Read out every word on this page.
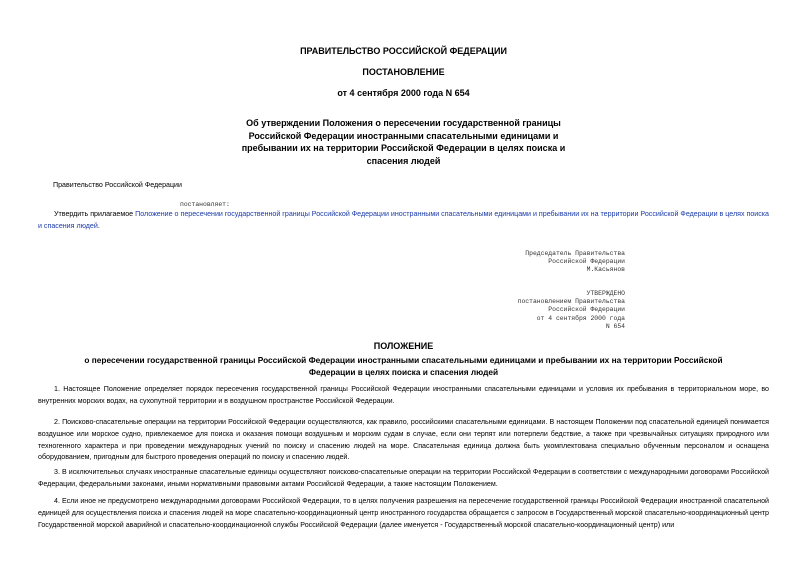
ПРАВИТЕЛЬСТВО РОССИЙСКОЙ ФЕДЕРАЦИИ
ПОСТАНОВЛЕНИЕ
от 4 сентября 2000 года N 654
Об утверждении Положения о пересечении государственной границы
Российской Федерации иностранными спасательными единицами и
пребывании их на территории Российской Федерации в целях поиска и
спасения людей
Правительство Российской Федерации
постановляет:
Утвердить прилагаемое Положение о пересечении государственной границы Российской Федерации иностранными спасательными единицами и пребывании их на территории Российской Федерации в целях поиска и спасения людей.
Председатель Правительства
Российской Федерации
М.Касьянов
УТВЕРЖДЕНО
постановлением Правительства
Российской Федерации
от 4 сентября 2000 года
N 654
ПОЛОЖЕНИЕ
о пересечении государственной границы Российской Федерации иностранными спасательными единицами и пребывании их на территории Российской
Федерации в целях поиска и спасения людей
1. Настоящее Положение определяет порядок пересечения государственной границы Российской Федерации иностранными спасательными единицами и условия их пребывания в территориальном море, во внутренних морских водах, на сухопутной территории и в воздушном пространстве Российской Федерации.
2. Поисково-спасательные операции на территории Российской Федерации осуществляются, как правило, российскими спасательными единицами. В настоящем Положении под спасательной единицей понимается воздушное или морское судно, привлекаемое для поиска и оказания помощи воздушным и морским судам в случае, если они терпят или потерпели бедствие, а также при чрезвычайных ситуациях природного или техногенного характера и при проведении международных учений по поиску и спасению людей на море. Спасательная единица должна быть укомплектована специально обученным персоналом и оснащена оборудованием, пригодным для быстрого проведения операций по поиску и спасению людей.
3. В исключительных случаях иностранные спасательные единицы осуществляют поисково-спасательные операции на территории Российской Федерации в соответствии с международными договорами Российской Федерации, федеральными законами, иными нормативными правовыми актами Российской Федерации, а также настоящим Положением.
4. Если иное не предусмотрено международными договорами Российской Федерации, то в целях получения разрешения на пересечение государственной границы Российской Федерации иностранной спасательной единицей для осуществления поиска и спасения людей на море спасательно-координационный центр иностранного государства обращается с запросом в Государственный морской спасательно-координационный центр Государственной морской аварийной и спасательно-координационной службы Российской Федерации (далее именуется - Государственный морской спасательно-координационный центр) или
